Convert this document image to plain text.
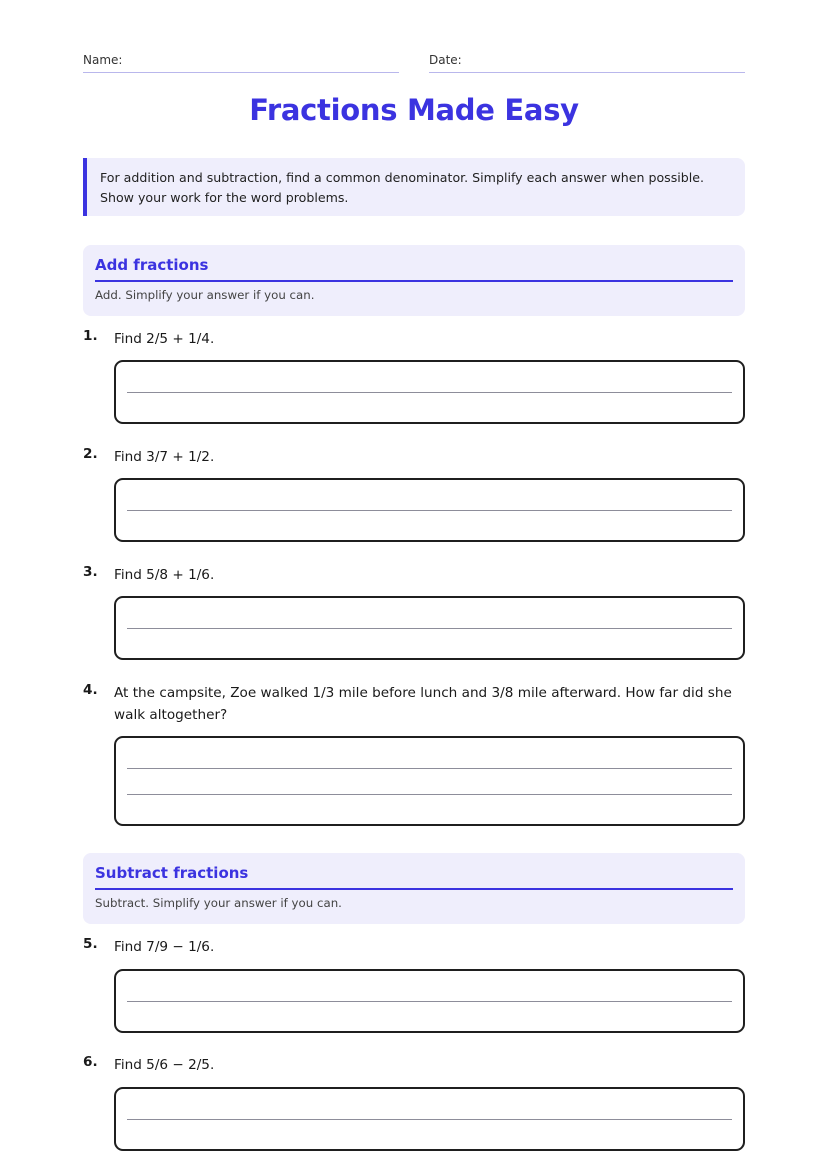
Name:	Date:
Fractions Made Easy
For addition and subtraction, find a common denominator. Simplify each answer when possible. Show your work for the word problems.
Add fractions
Add. Simplify your answer if you can.
1. Find 2/5 + 1/4.
2. Find 3/7 + 1/2.
3. Find 5/8 + 1/6.
4. At the campsite, Zoe walked 1/3 mile before lunch and 3/8 mile afterward. How far did she walk altogether?
Subtract fractions
Subtract. Simplify your answer if you can.
5. Find 7/9 − 1/6.
6. Find 5/6 − 2/5.
